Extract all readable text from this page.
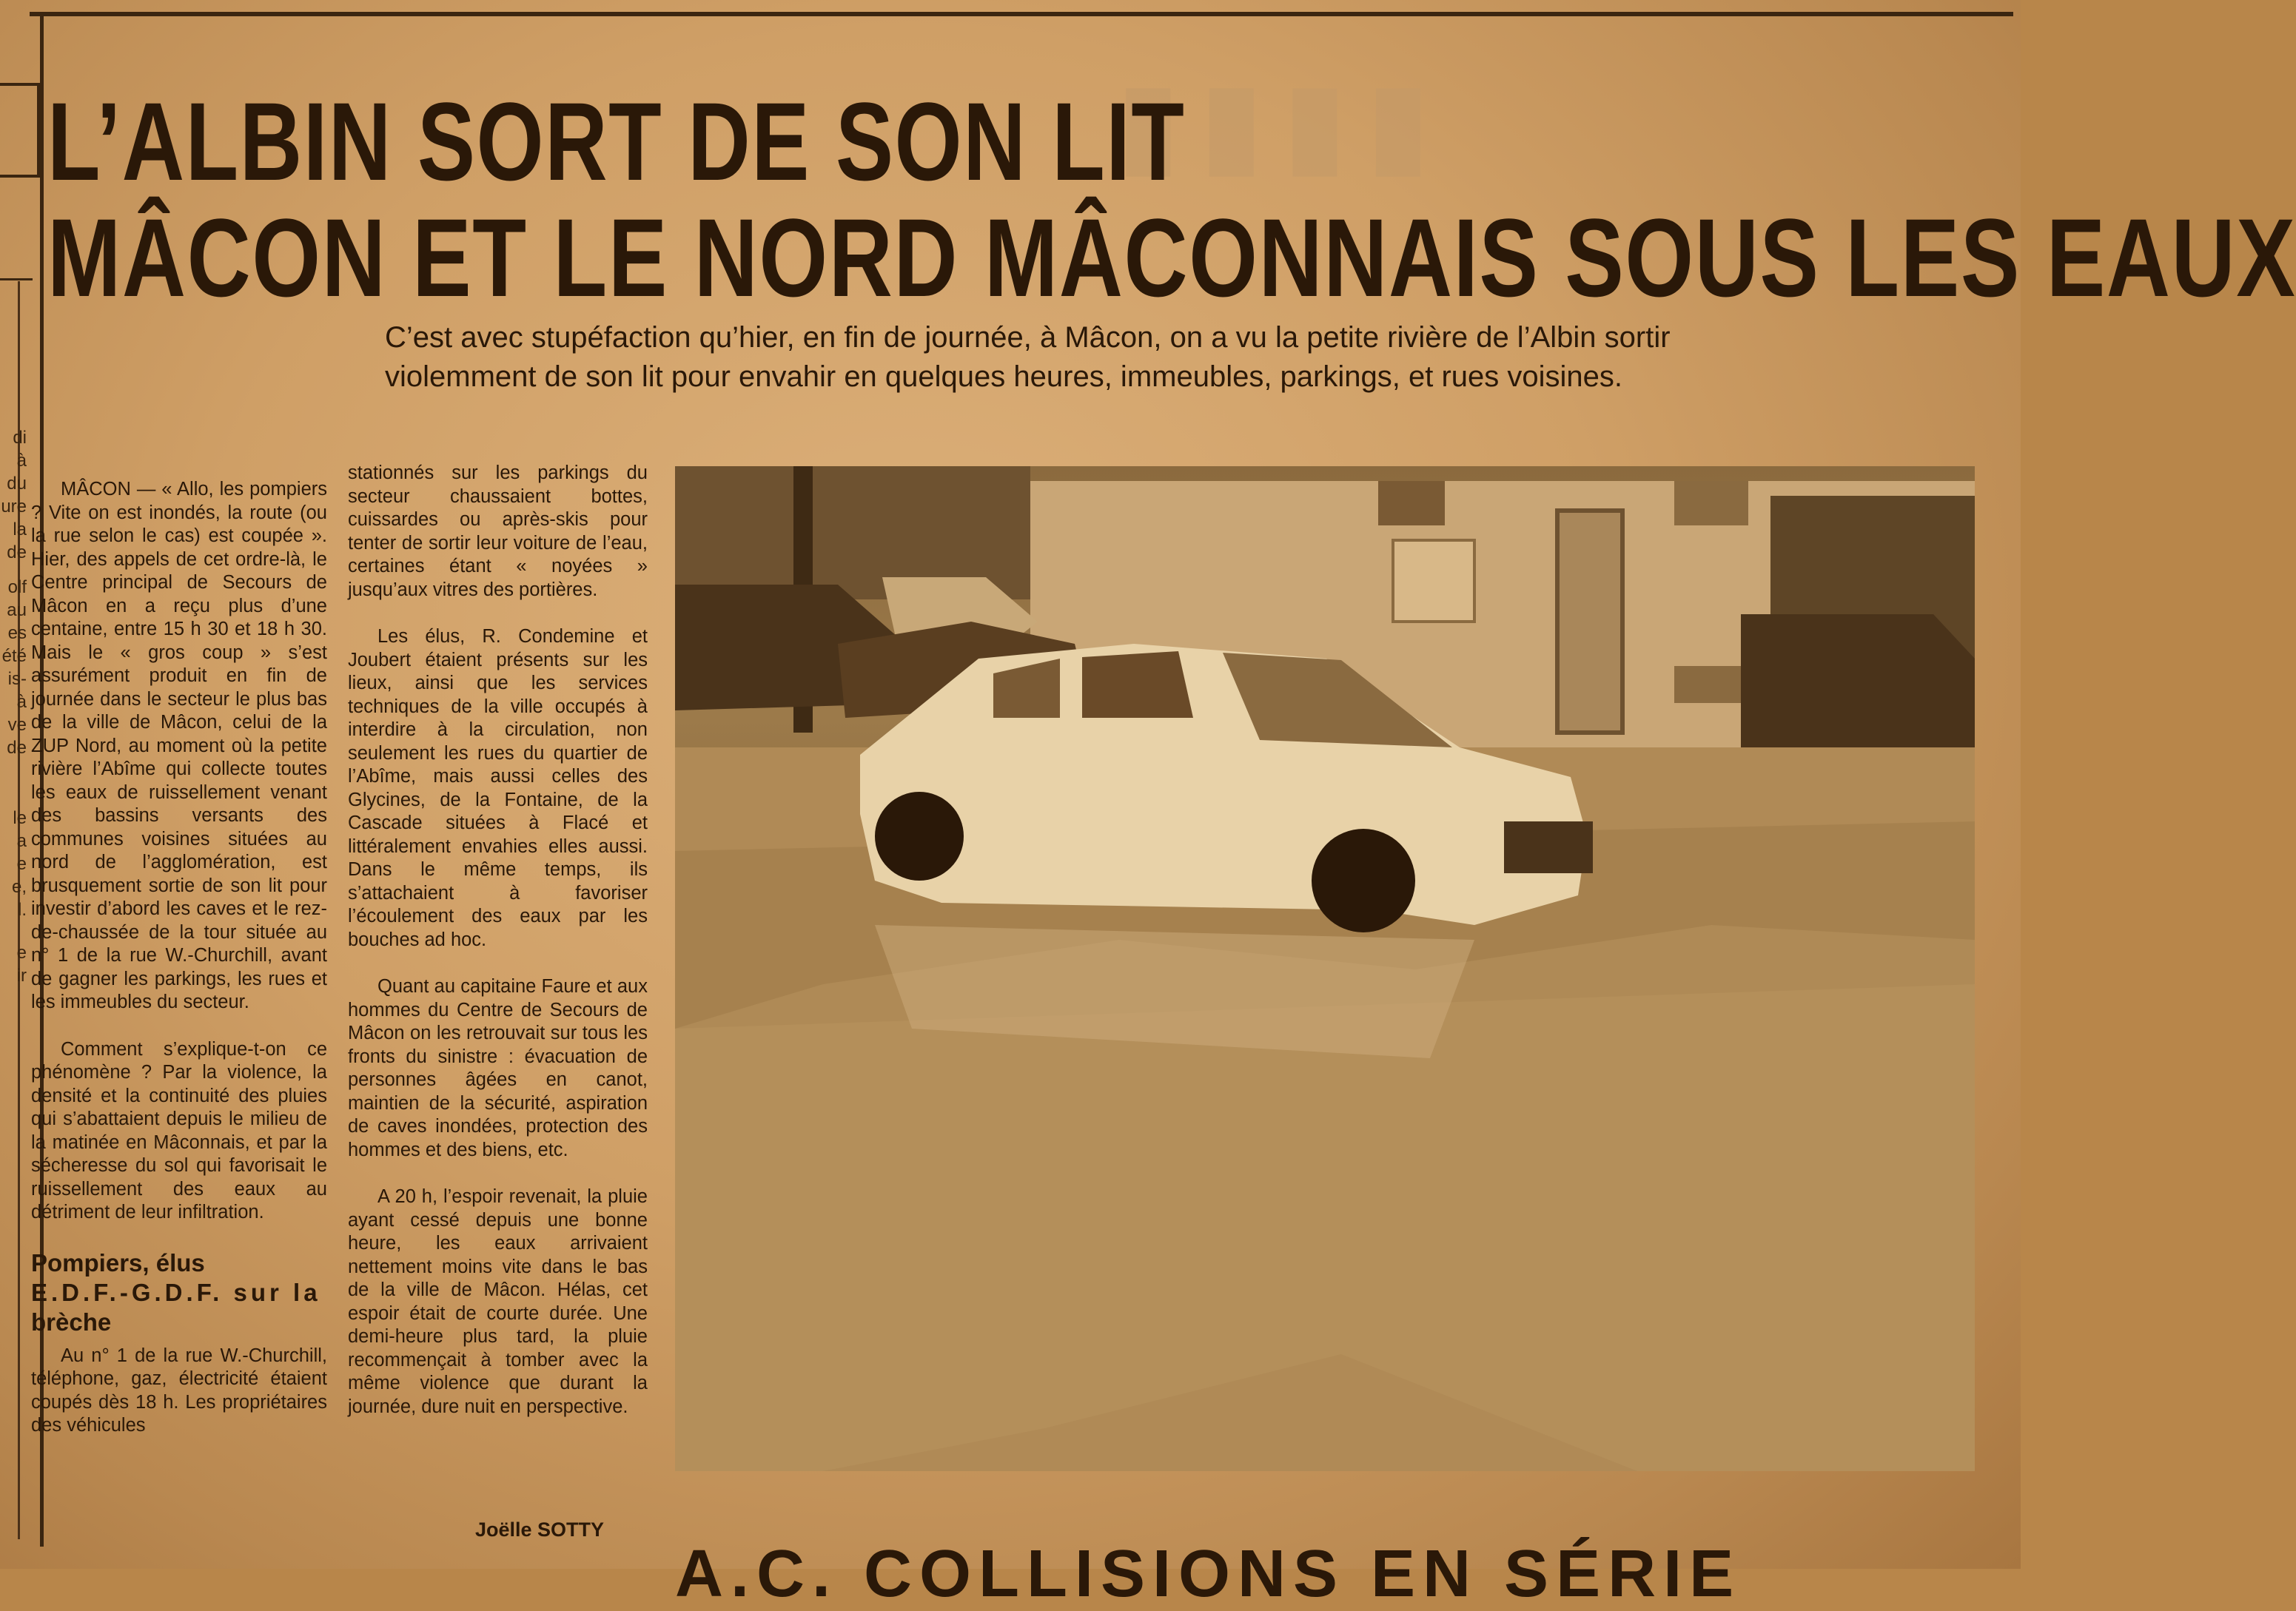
▮▮▮▮
L’ALBIN SORT DE SON LIT
MÂCON ET LE NORD MÂCONNAIS SOUS LES EAUX
C’est avec stupéfaction qu’hier, en fin de journée, à Mâcon, on a vu la petite rivière de l’Albin sortir violemment de son lit pour envahir en quelques heures, immeubles, parkings, et rues voisines.
di
à
du
ure
la
de
olf
au
es
été
is-
à
ve
de
le
a
e
e,
l.
e
ir

MÂCON — « Allo, les pompiers ? Vite on est inondés, la route (ou la rue selon le cas) est coupée ». Hier, des appels de cet ordre-là, le Centre principal de Secours de Mâcon en a reçu plus d’une centaine, entre 15 h 30 et 18 h 30. Mais le « gros coup » s’est assurément produit en fin de journée dans le secteur le plus bas de la ville de Mâcon, celui de la ZUP Nord, au moment où la petite rivière l’Abîme qui collecte toutes les eaux de ruissellement venant des bassins versants des communes voisines situées au nord de l’agglomération, est brusquement sortie de son lit pour investir d’abord les caves et le rez-de-chaussée de la tour située au n° 1 de la rue W.-Churchill, avant de gagner les parkings, les rues et les immeubles du secteur.

Comment s’explique-t-on ce phénomène ? Par la violence, la densité et la continuité des pluies qui s’abattaient depuis le milieu de la matinée en Mâconnais, et par la sécheresse du sol qui favorisait le ruissellement des eaux au détriment de leur infiltration.

Pompiers, élus
E.D.F.-G.D.F. sur la
brèche

Au n° 1 de la rue W.-Churchill, téléphone, gaz, électricité étaient coupés dès 18 h. Les propriétaires des véhicules

stationnés sur les parkings du secteur chaussaient bottes, cuissardes ou après-skis pour tenter de sortir leur voiture de l’eau, certaines étant « noyées » jusqu’aux vitres des portières.

Les élus, R. Condemine et Joubert étaient présents sur les lieux, ainsi que les services techniques de la ville occupés à interdire à la circulation, non seulement les rues du quartier de l’Abîme, mais aussi celles des Glycines, de la Fontaine, de la Cascade situées à Flacé et littéralement envahies elles aussi. Dans le même temps, ils s’attachaient à favoriser l’écoulement des eaux par les bouches ad hoc.

Quant au capitaine Faure et aux hommes du Centre de Secours de Mâcon on les retrouvait sur tous les fronts du sinistre : évacuation de personnes âgées en canot, maintien de la sécurité, aspiration de caves inondées, protection des hommes et des biens, etc.

A 20 h, l’espoir revenait, la pluie ayant cessé depuis une bonne heure, les eaux arrivaient nettement moins vite dans le bas de la ville de Mâcon. Hélas, cet espoir était de courte durée. Une demi-heure plus tard, la pluie recommençait à tomber avec la même violence que durant la journée, dure nuit en perspective.

Joëlle SOTTY
A.C. COLLISIONS EN SÉRIE
